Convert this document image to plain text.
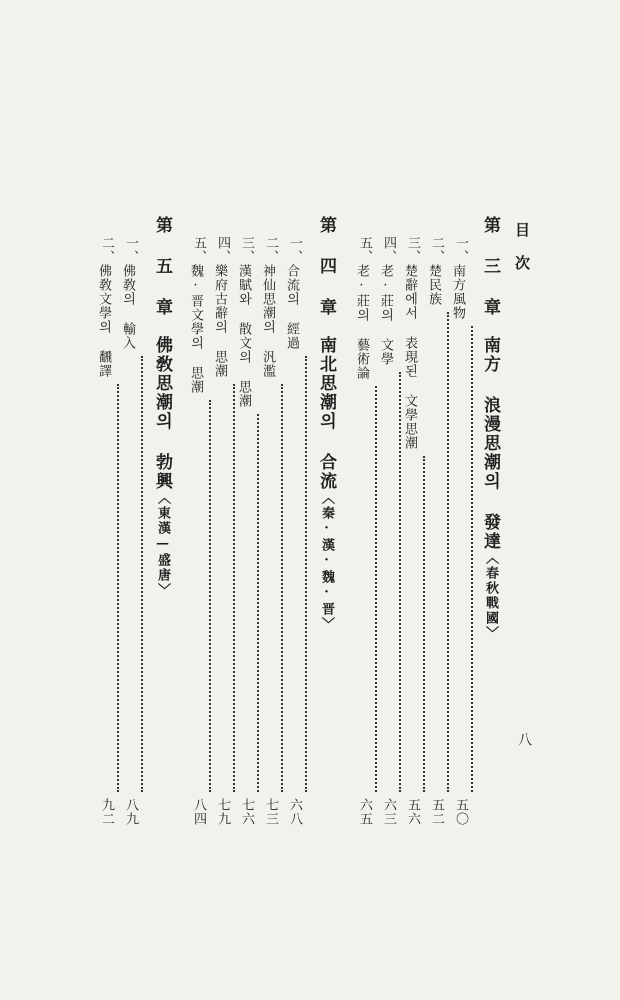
目 次
八
第 三 章　南方 浪漫思潮의 發達〈春秋戰國〉
一、
南方風物
五〇
二、
楚民族
五二
三、
楚辭에서 表現된 文學思潮
五六
四、
老·莊의 文學
六三
五、
老·莊의 藝術論
六五
第 四 章　南北思潮의 合流〈秦·漢·魏·晋〉
一、
合流의 經過
六八
二、
神仙思潮의 汎濫
七三
三、
漢賦와 散文의 思潮
七六
四、
樂府古辭의 思潮
七九
五、
魏·晋文學의 思潮
八四
第 五 章　佛敎思潮의 勃興〈東漢—盛唐〉
一、
佛敎의 輸入
八九
二、
佛敎文學의 飜譯
九二
